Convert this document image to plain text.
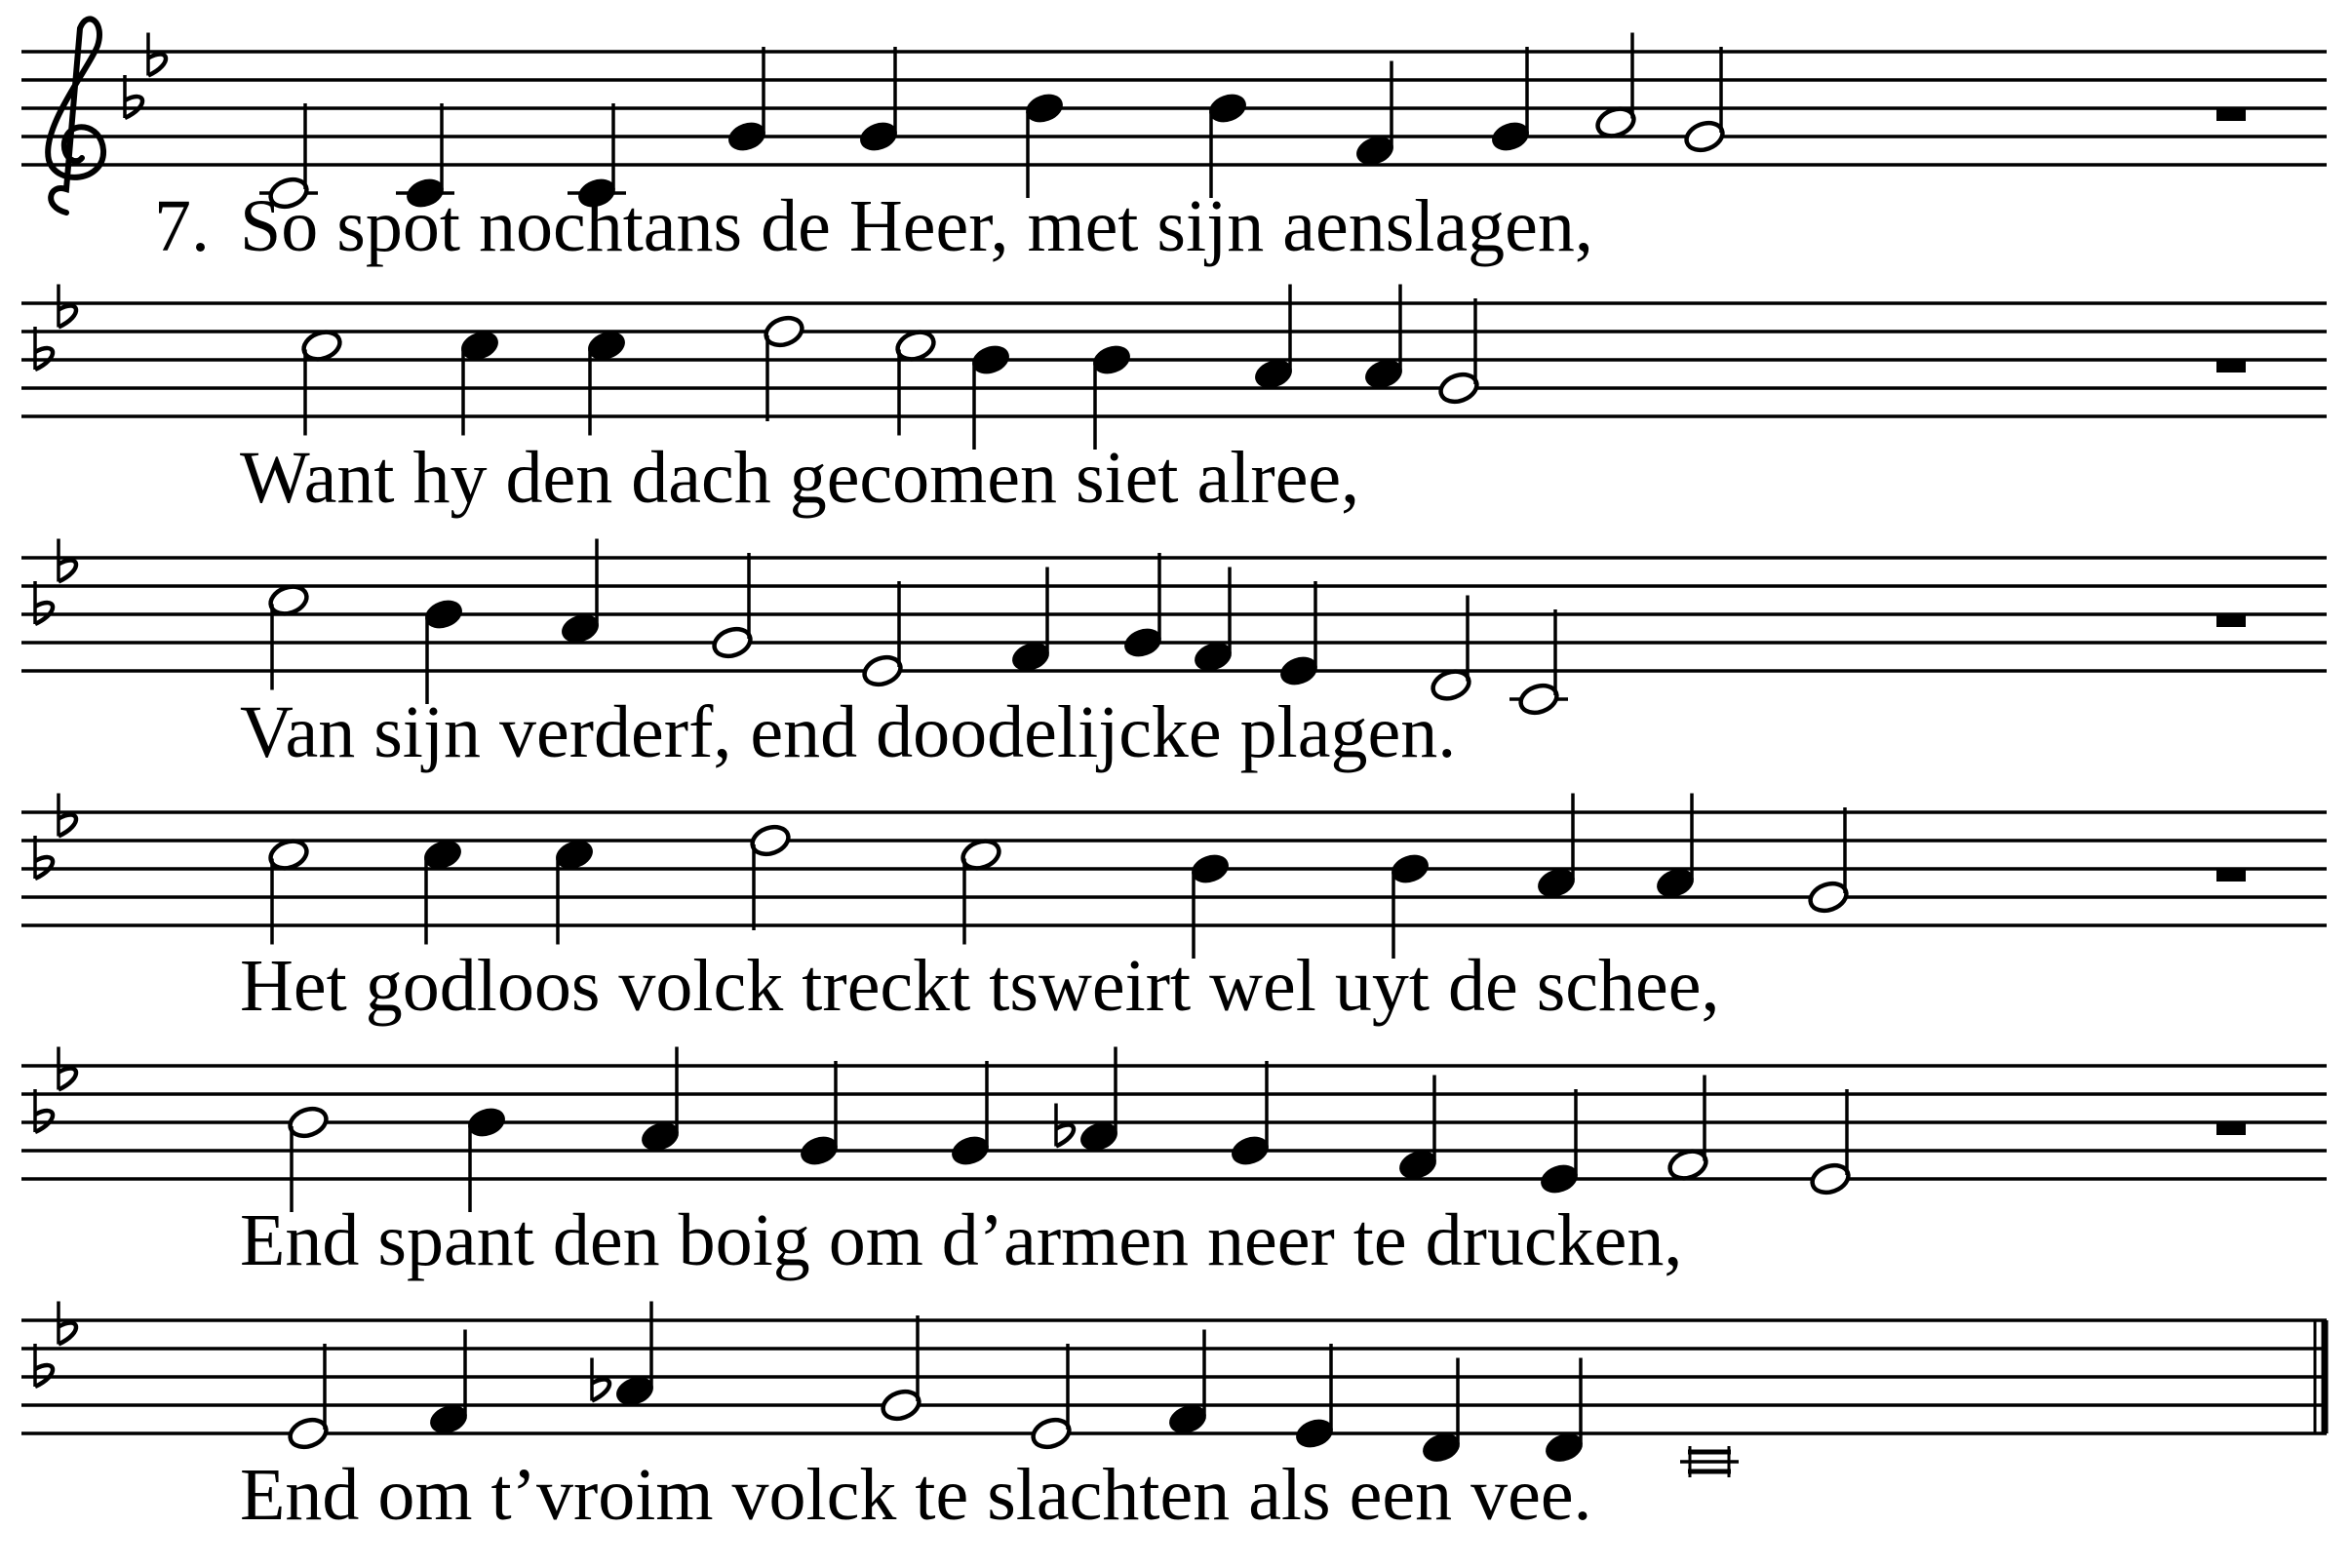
7. So spot nochtans de Heer, met sijn aenslagen,
Want hy den dach gecomen siet alree,
Van sijn verderf, end doodelijcke plagen.
Het godloos volck treckt tsweirt wel uyt de schee,
End spant den boig om d’armen neer te drucken,
End om t’vroim volck te slachten als een vee.
